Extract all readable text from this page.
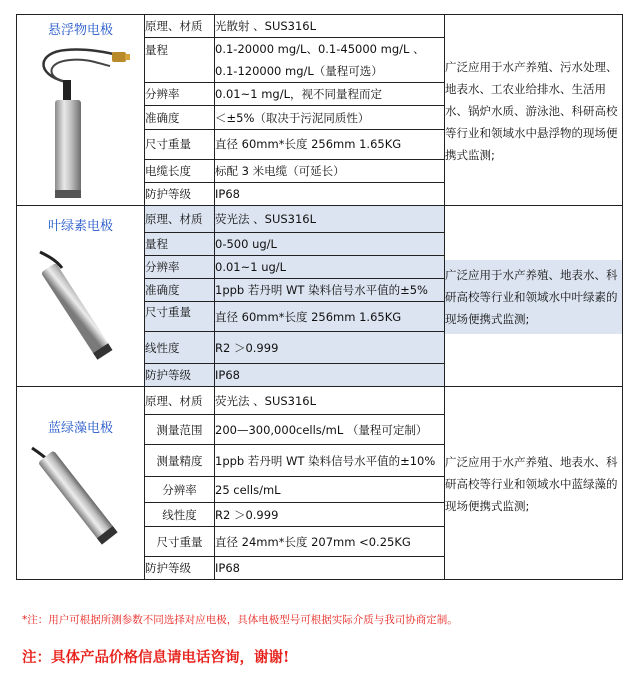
悬浮物电极	原理、材质	光散射 、SUS316L	广泛应用于水产养殖、污水处理、地表水、工农业给排水、生活用水、锅炉水质、游泳池、科研高校等行业和领域水中悬浮物的现场便携式监测;
	量程	0.1-20000 mg/L、0.1-45000 mg/L 、0.1-120000 mg/L（量程可选）	
	分辨率	0.01~1 mg/L，视不同量程而定	
	准确度	＜±5%（取决于污泥同质性）	
	尺寸重量	直径 60mm*长度 256mm 1.65KG	
	电缆长度	标配 3 米电缆（可延长）	
	防护等级	IP68	

叶绿素电极	原理、材质	荧光法 、SUS316L	广泛应用于水产养殖、地表水、科研高校等行业和领域水中叶绿素的现场便携式监测;

	量程	0-500 ug/L	
	分辨率	0.01~1 ug/L	
	准确度	1ppb 若丹明 WT 染料信号水平值的±5%	
	尺寸重量	直径 60mm*长度 256mm 1.65KG	
	线性度	R2 ＞0.999	
	防护等级	IP68	

蓝绿藻电极	原理、材质	荧光法 、SUS316L	广泛应用于水产养殖、地表水、科研高校等行业和领域水中蓝绿藻的现场便携式监测;
	测量范围	200—300,000cells/mL （量程可定制）	
	测量精度	1ppb 若丹明 WT 染料信号水平值的±10%	
	分辨率	25 cells/mL	
	线性度	R2 ＞0.999	
	尺寸重量	直径 24mm*长度 207mm <0.25KG	
	防护等级	IP68	
*注：用户可根据所测参数不同选择对应电极，具体电极型号可根据实际介质与我司协商定制。
注：具体产品价格信息请电话咨询，谢谢!
